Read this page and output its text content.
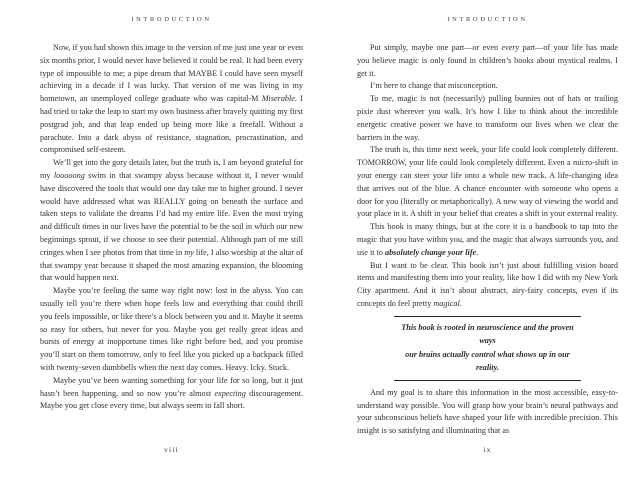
INTRODUCTION

Now, if you had shown this image to the version of me just one year or even six months prior, I would never have believed it could be real. It had been every type of impossible to me; a pipe dream that MAYBE I could have seen myself achieving in a decade if I was lucky. That version of me was living in my hometown, an unemployed college graduate who was capital-M Miserable. I had tried to take the leap to start my own business after bravely quitting my first postgrad job, and that leap ended up being more like a freefall. Without a parachute. Into a dark abyss of resistance, stagnation, procrastination, and compromised self-esteem.

We’ll get into the gory details later, but the truth is, I am beyond grateful for my looooong swim in that swampy abyss because without it, I never would have discovered the tools that would one day take me to higher ground. I never would have addressed what was REALLY going on beneath the surface and taken steps to validate the dreams I’d had my entire life. Even the most trying and difficult times in our lives have the potential to be the soil in which our new beginnings sprout, if we choose to see their potential. Although part of me still cringes when I see photos from that time in my life, I also worship at the altar of that swampy year because it shaped the most amazing expansion, the blooming that would happen next.

Maybe you’re feeling the same way right now: lost in the abyss. You can usually tell you’re there when hope feels low and everything that could thrill you feels impossible, or like there’s a block between you and it. Maybe it seems so easy for others, but never for you. Maybe you get really great ideas and bursts of energy at inopportune times like right before bed, and you promise you’ll start on them tomorrow, only to feel like you picked up a backpack filled with twenty-seven dumbbells when the next day comes. Heavy. Icky. Stuck.

Maybe you’ve been wanting something for your life for so long, but it just hasn’t been happening, and so now you’re almost expecting discouragement. Maybe you get close every time, but always seem to fall short.

viii
INTRODUCTION

Put simply, maybe one part—or even every part—of your life has made you believe magic is only found in children’s books about mystical realms. I get it.

I’m here to change that misconception.

To me, magic is not (necessarily) pulling bunnies out of hats or trailing pixie dust wherever you walk. It’s how I like to think about the incredible energetic creative power we have to transform our lives when we clear the barriers in the way.

The truth is, this time next week, your life could look completely different. TOMORROW, your life could look completely different. Even a micro-shift in your energy can steer your life onto a whole new track. A life-changing idea that arrives out of the blue. A chance encounter with someone who opens a door for you (literally or metaphorically). A new way of viewing the world and your place in it. A shift in your belief that creates a shift in your external reality.

This book is many things, but at the core it is a handbook to tap into the magic that you have within you, and the magic that always surrounds you, and use it to absolutely change your life.

But I want to be clear. This book isn’t just about fulfilling vision board items and manifesting them into your reality, like how I did with my New York City apartment. And it isn’t about abstract, airy-fairy concepts, even if its concepts do feel pretty magical.

This book is rooted in neuroscience and the proven ways
our brains actually control what shows up in our reality.

And my goal is to share this information in the most accessible, easy-to-understand way possible. You will grasp how your brain’s neural pathways and your subconscious beliefs have shaped your life with incredible precision. This insight is so satisfying and illuminating that as

ix
